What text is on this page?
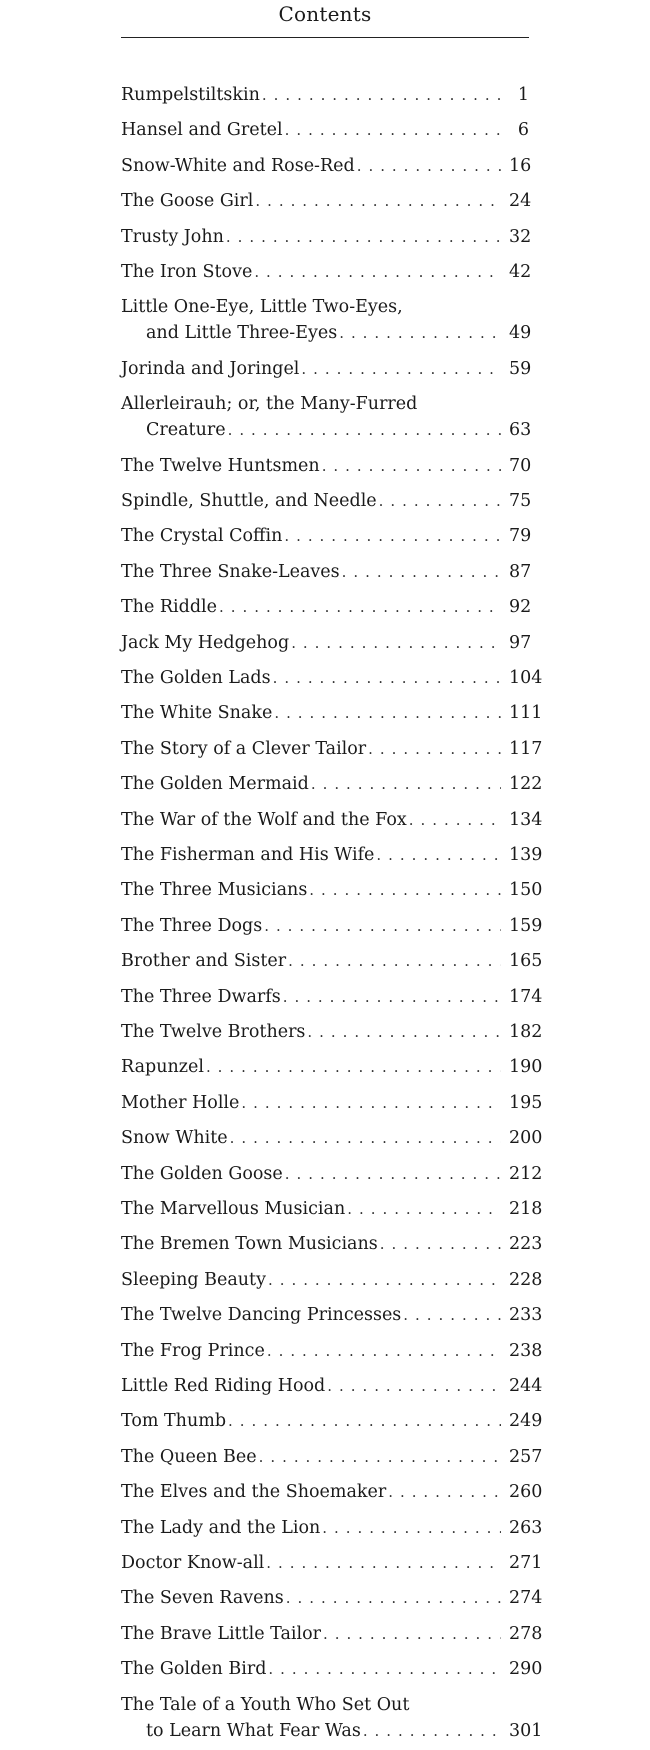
Contents
Rumpelstiltskin . . .	1
Hansel and Gretel . . .	6
Snow-White and Rose-Red . . .	16
The Goose Girl . . .	24
Trusty John . . .	32
The Iron Stove . . .	42
Little One-Eye, Little Two-Eyes,
and Little Three-Eyes . . .	49
Jorinda and Joringel . . .	59
Allerleirauh; or, the Many-Furred
Creature . . .	63
The Twelve Huntsmen . . .	70
Spindle, Shuttle, and Needle . . .	75
The Crystal Coffin . . .	79
The Three Snake-Leaves . . .	87
The Riddle . . .	92
Jack My Hedgehog . . .	97
The Golden Lads . . .	104
The White Snake . . .	111
The Story of a Clever Tailor . . .	117
The Golden Mermaid . . .	122
The War of the Wolf and the Fox . . .	134
The Fisherman and His Wife . . .	139
The Three Musicians . . .	150
The Three Dogs . . .	159
Brother and Sister . . .	165
The Three Dwarfs . . .	174
The Twelve Brothers . . .	182
Rapunzel . . .	190
Mother Holle . . .	195
Snow White . . .	200
The Golden Goose . . .	212
The Marvellous Musician . . .	218
The Bremen Town Musicians . . .	223
Sleeping Beauty . . .	228
The Twelve Dancing Princesses . . .	233
The Frog Prince . . .	238
Little Red Riding Hood . . .	244
Tom Thumb . . .	249
The Queen Bee . . .	257
The Elves and the Shoemaker . . .	260
The Lady and the Lion . . .	263
Doctor Know-all . . .	271
The Seven Ravens . . .	274
The Brave Little Tailor . . .	278
The Golden Bird . . .	290
The Tale of a Youth Who Set Out
to Learn What Fear Was . . .	301
